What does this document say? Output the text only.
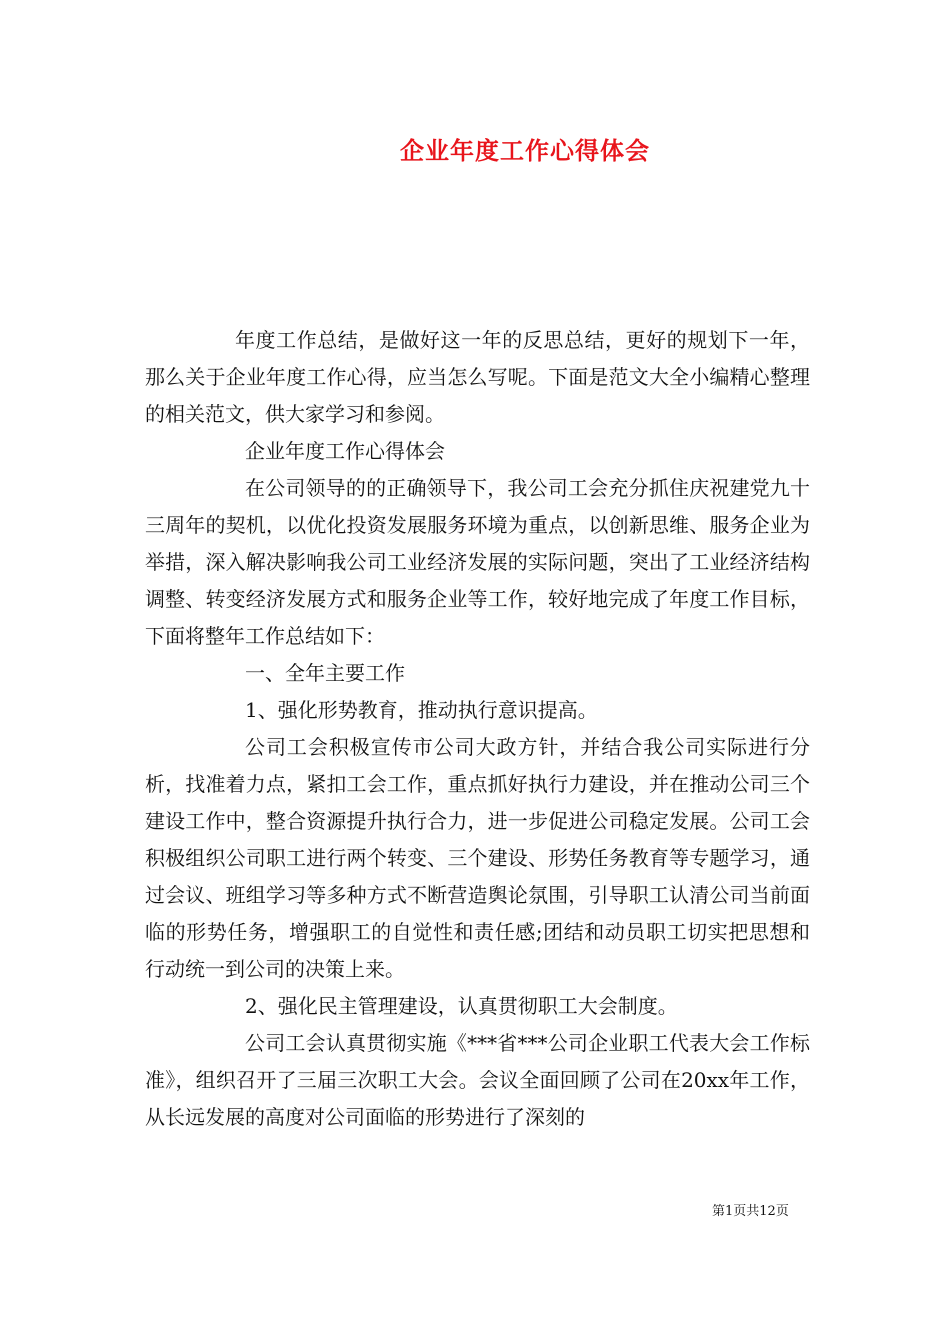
企业年度工作心得体会

年度工作总结，是做好这一年的反思总结，更好的规划下一年，那么关于企业年度工作心得，应当怎么写呢。下面是范文大全小编精心整理的相关范文，供大家学习和参阅。

企业年度工作心得体会

在公司领导的的正确领导下，我公司工会充分抓住庆祝建党九十三周年的契机，以优化投资发展服务环境为重点，以创新思维、服务企业为举措，深入解决影响我公司工业经济发展的实际问题，突出了工业经济结构调整、转变经济发展方式和服务企业等工作，较好地完成了年度工作目标，下面将整年工作总结如下：

一、全年主要工作

1、强化形势教育，推动执行意识提高。

公司工会积极宣传市公司大政方针，并结合我公司实际进行分析，找准着力点，紧扣工会工作，重点抓好执行力建设，并在推动公司三个建设工作中，整合资源提升执行合力，进一步促进公司稳定发展。公司工会积极组织公司职工进行两个转变、三个建设、形势任务教育等专题学习，通过会议、班组学习等多种方式不断营造舆论氛围，引导职工认清公司当前面临的形势任务，增强职工的自觉性和责任感;团结和动员职工切实把思想和行动统一到公司的决策上来。

2、强化民主管理建设，认真贯彻职工大会制度。

公司工会认真贯彻实施《***省***公司企业职工代表大会工作标准》，组织召开了三届三次职工大会。会议全面回顾了公司在20xx年工作，从长远发展的高度对公司面临的形势进行了深刻的

第1页共12页
